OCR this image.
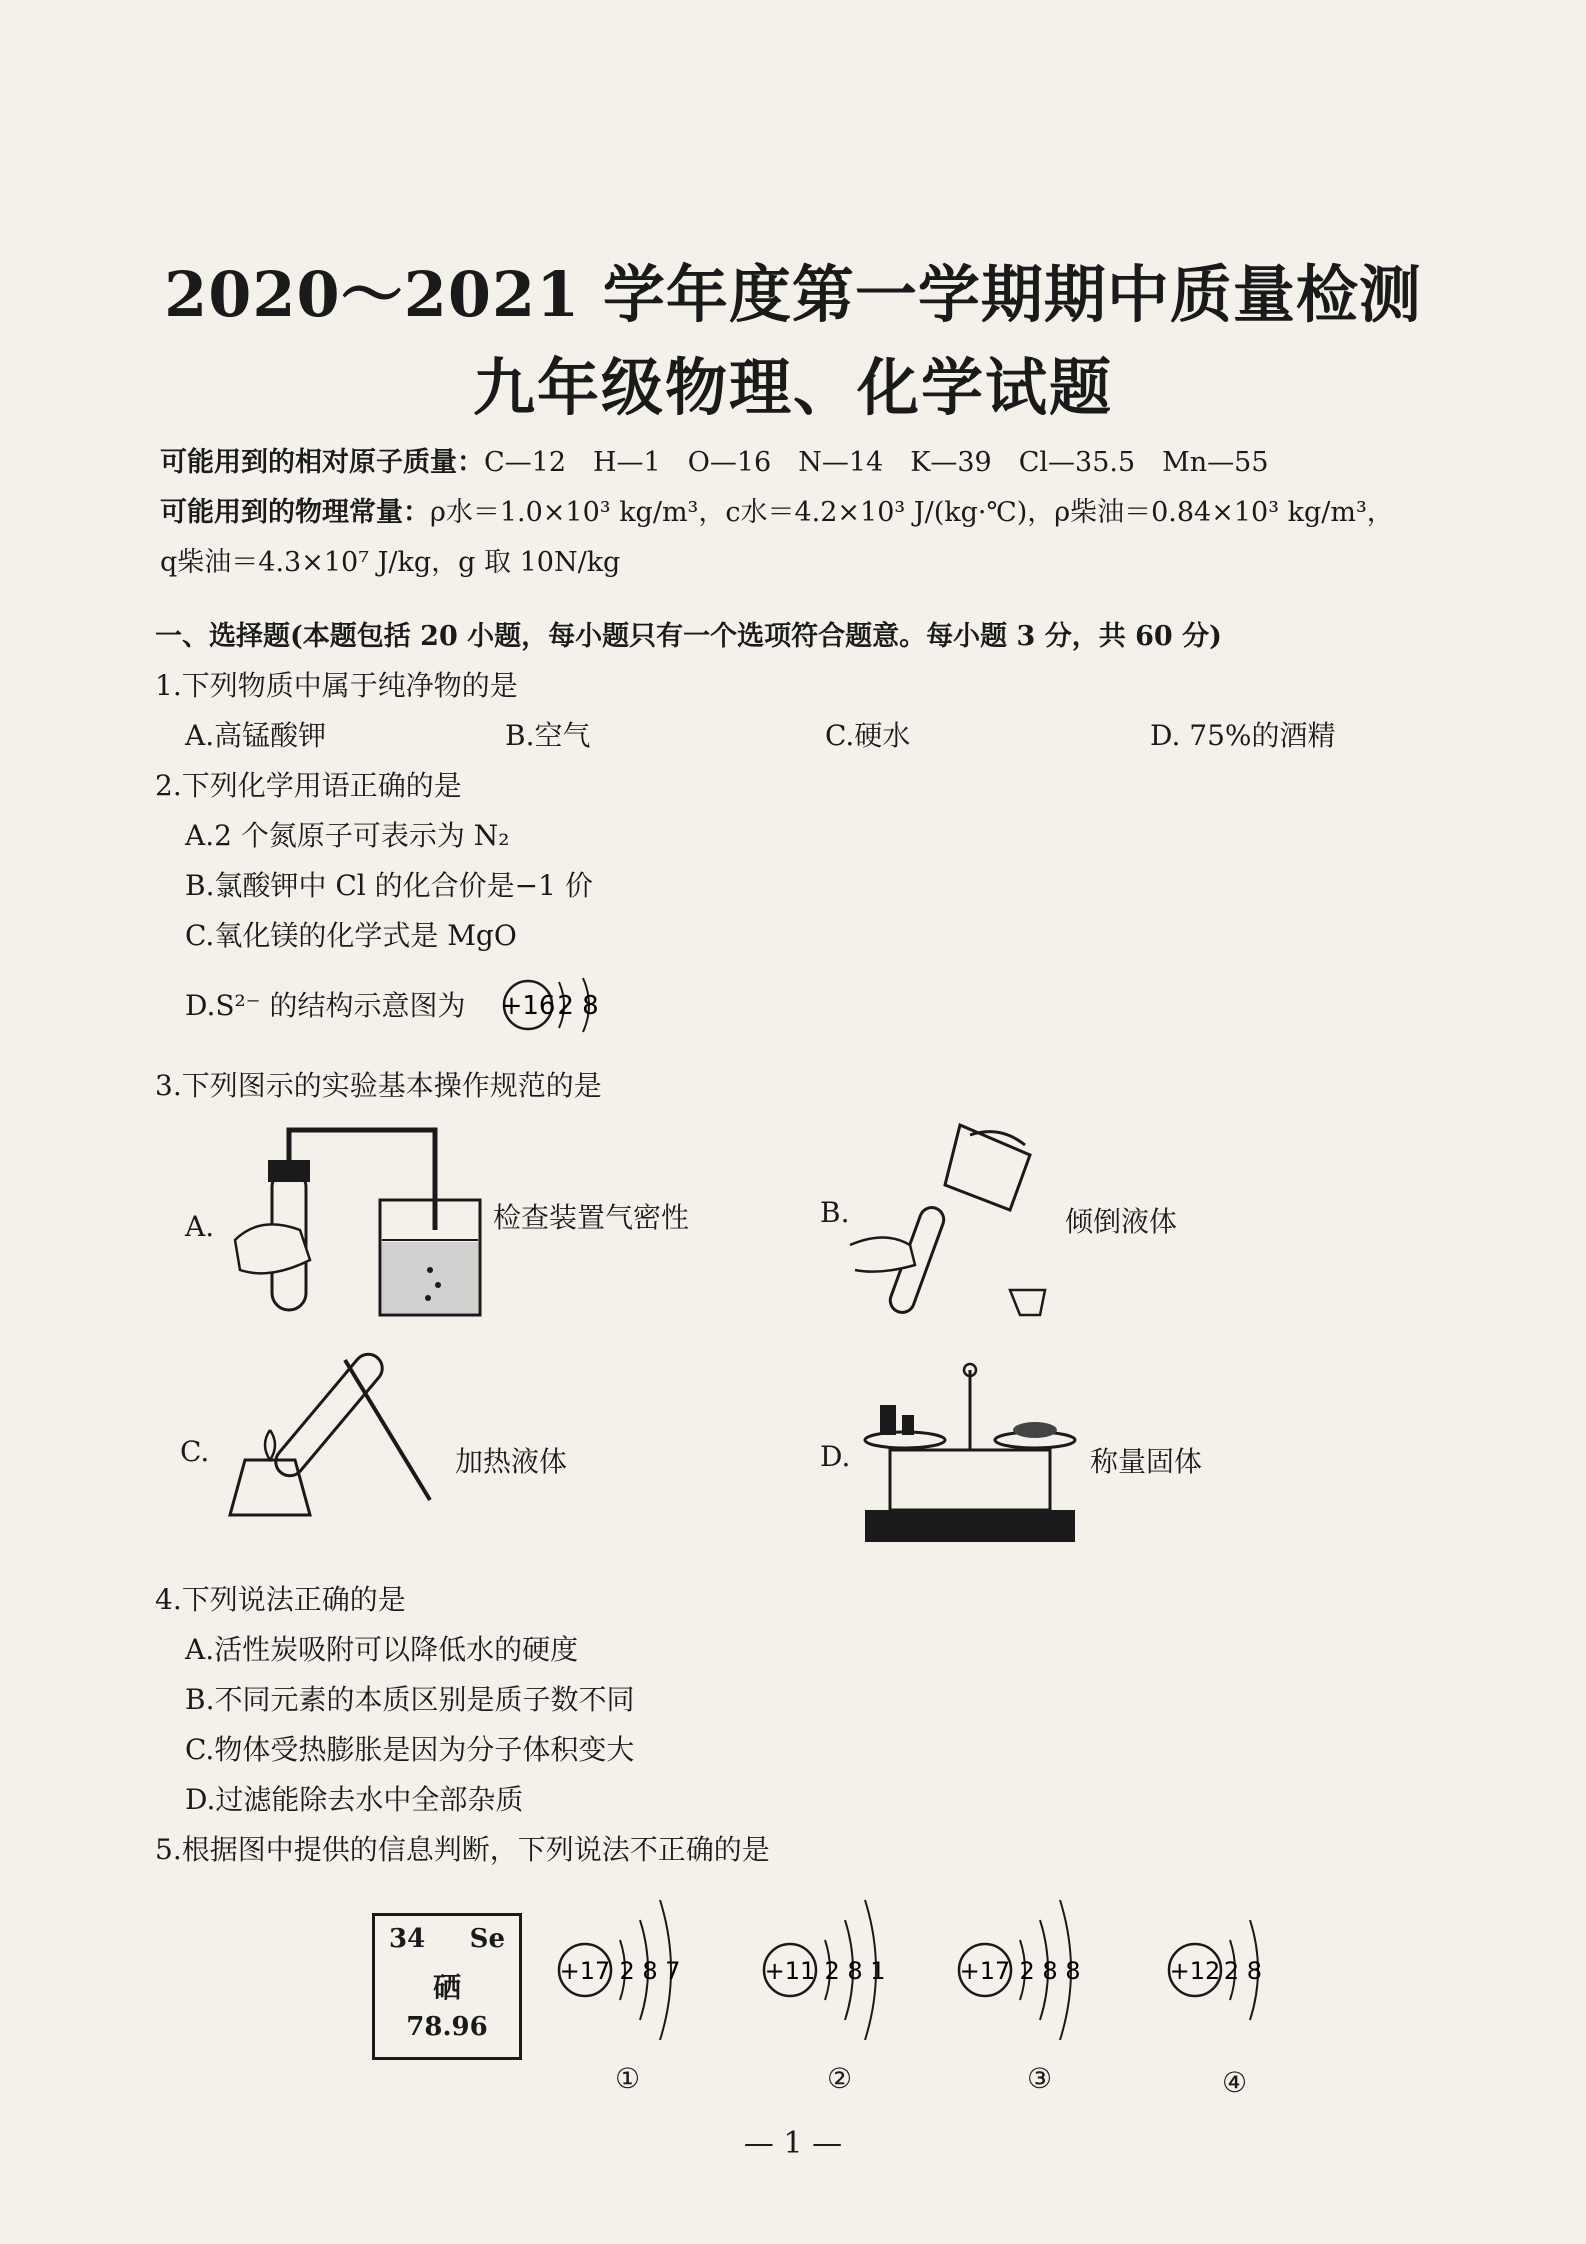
2020～2021 学年度第一学期期中质量检测
九年级物理、化学试题
可能用到的相对原子质量：C—12　H—1　O—16　N—14　K—39　Cl—35.5　Mn—55
可能用到的物理常量：ρ水＝1.0×10³ kg/m³，c水＝4.2×10³ J/(kg·℃)，ρ柴油＝0.84×10³ kg/m³，
q柴油＝4.3×10⁷ J/kg，g 取 10N/kg
一、选择题(本题包括 20 小题，每小题只有一个选项符合题意。每小题 3 分，共 60 分)
1.下列物质中属于纯净物的是
A.高锰酸钾	B.空气	C.硬水	D. 75%的酒精
2.下列化学用语正确的是
A.2 个氮原子可表示为 N₂
B.氯酸钾中 Cl 的化合价是−1 价
C.氧化镁的化学式是 MgO
D.S²⁻ 的结构示意图为 +16 2 8
3.下列图示的实验基本操作规范的是
A.	检查装置气密性	B.	倾倒液体
C.	加热液体	D.	称量固体
4.下列说法正确的是
A.活性炭吸附可以降低水的硬度
B.不同元素的本质区别是质子数不同
C.物体受热膨胀是因为分子体积变大
D.过滤能除去水中全部杂质
5.根据图中提供的信息判断，下列说法不正确的是
34 Se
硒
78.96
+17 2 8 7
①
+11 2 8 1
②
+17 2 8 8
③
+12 2 8
④
— 1 —
